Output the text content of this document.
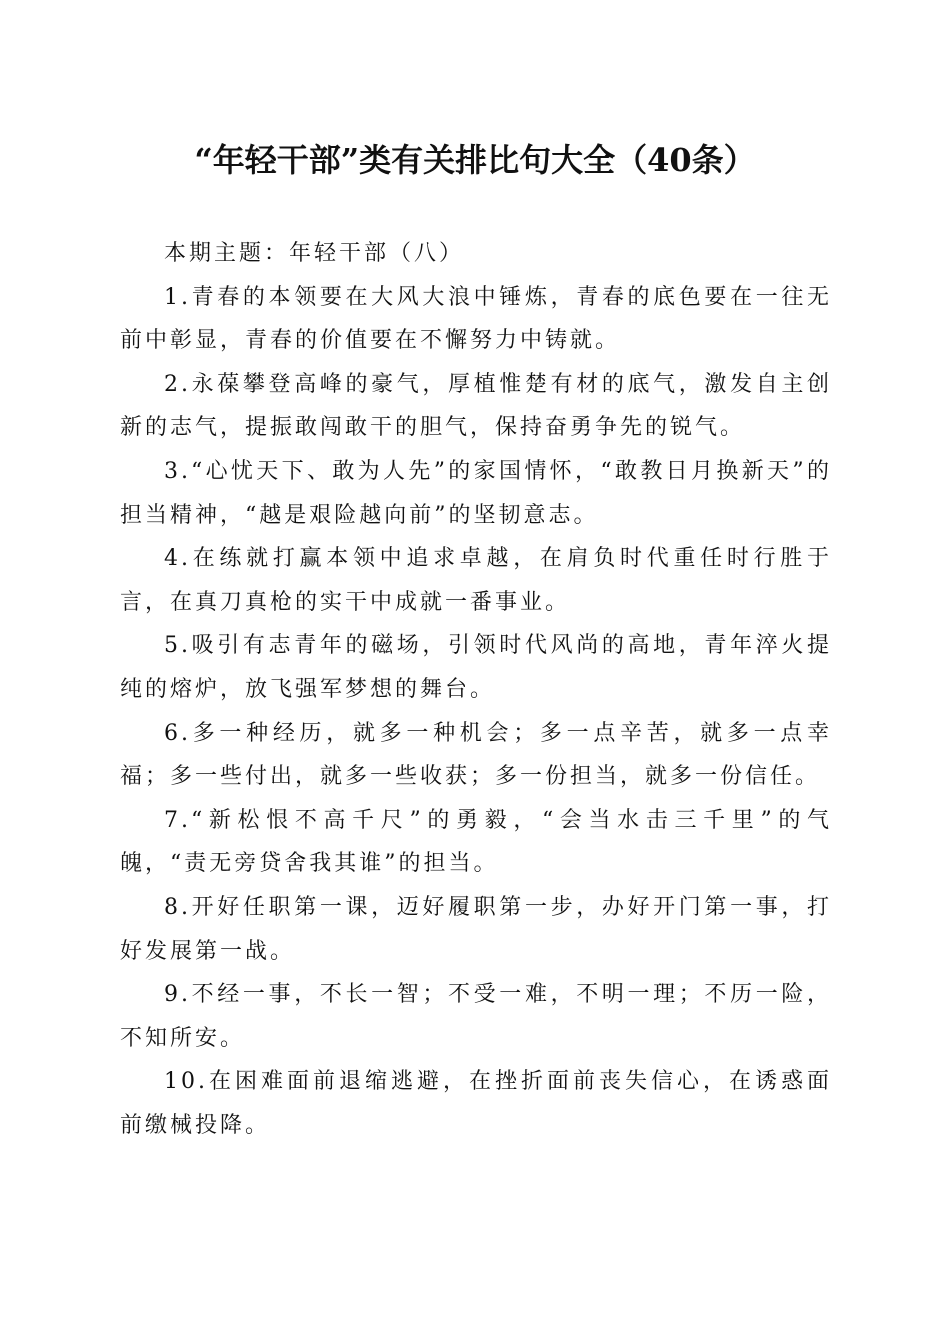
“年轻干部”类有关排比句大全（40条）

本期主题：年轻干部（八）

1.青春的本领要在大风大浪中锤炼，青春的底色要在一往无前中彰显，青春的价值要在不懈努力中铸就。

2.永葆攀登高峰的豪气，厚植惟楚有材的底气，激发自主创新的志气，提振敢闯敢干的胆气，保持奋勇争先的锐气。

3.“心忧天下、敢为人先”的家国情怀，“敢教日月换新天”的担当精神，“越是艰险越向前”的坚韧意志。

4.在练就打赢本领中追求卓越，在肩负时代重任时行胜于言，在真刀真枪的实干中成就一番事业。

5.吸引有志青年的磁场，引领时代风尚的高地，青年淬火提纯的熔炉，放飞强军梦想的舞台。

6.多一种经历，就多一种机会；多一点辛苦，就多一点幸福；多一些付出，就多一些收获；多一份担当，就多一份信任。

7.“新松恨不高千尺”的勇毅，“会当水击三千里”的气魄，“责无旁贷舍我其谁”的担当。

8.开好任职第一课，迈好履职第一步，办好开门第一事，打好发展第一战。

9.不经一事，不长一智；不受一难，不明一理；不历一险，不知所安。

10.在困难面前退缩逃避，在挫折面前丧失信心，在诱惑面前缴械投降。
